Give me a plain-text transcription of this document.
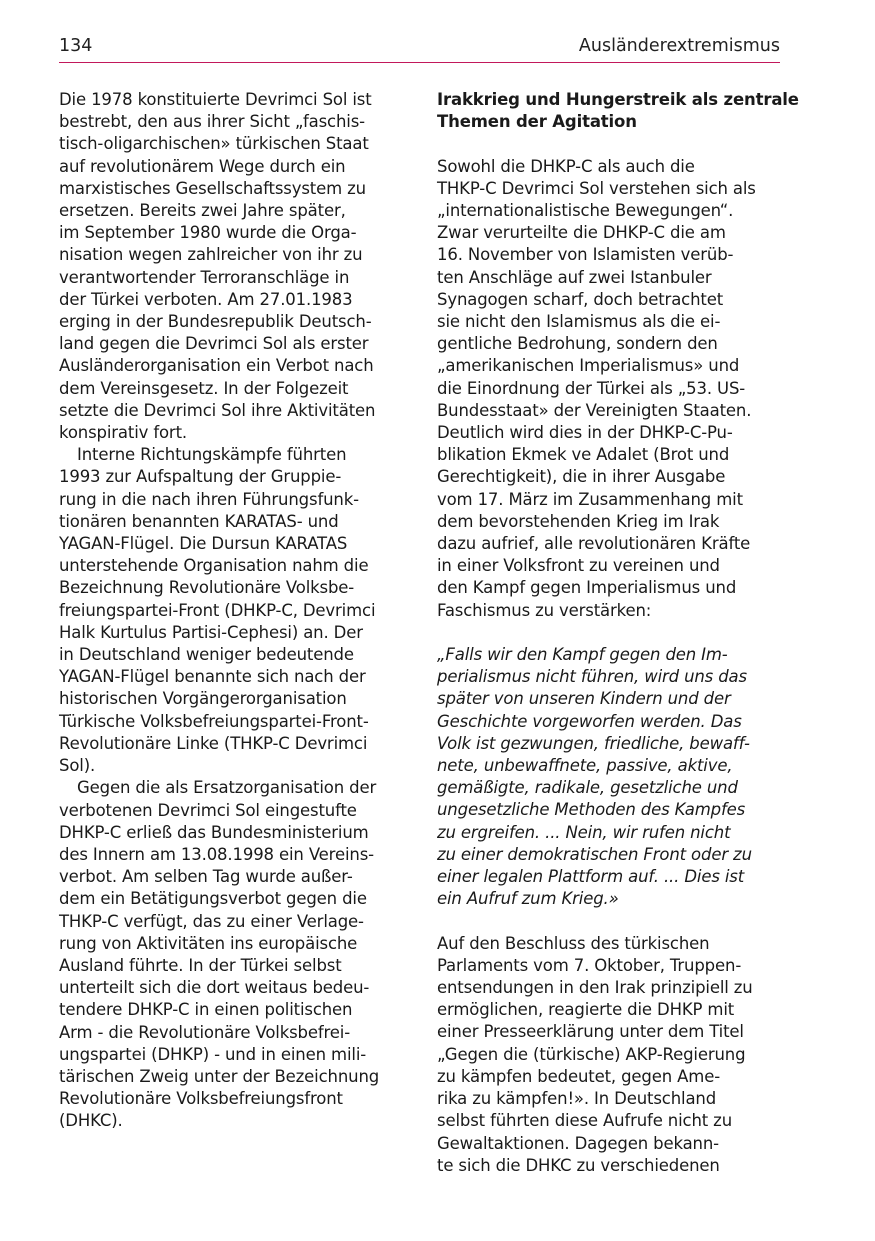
134	Ausländerextremismus
Die 1978 konstituierte Devrimci Sol ist
bestrebt, den aus ihrer Sicht „faschis-
tisch-oligarchischen» türkischen Staat
auf revolutionärem Wege durch ein
marxistisches Gesellschaftssystem zu
ersetzen. Bereits zwei Jahre später,
im September 1980 wurde die Orga-
nisation wegen zahlreicher von ihr zu
verantwortender Terroranschläge in
der Türkei verboten. Am 27.01.1983
erging in der Bundesrepublik Deutsch-
land gegen die Devrimci Sol als erster
Ausländerorganisation ein Verbot nach
dem Vereinsgesetz. In der Folgezeit
setzte die Devrimci Sol ihre Aktivitäten
konspirativ fort.
Interne Richtungskämpfe führten
1993 zur Aufspaltung der Gruppie-
rung in die nach ihren Führungsfunk-
tionären benannten KARATAS- und
YAGAN-Flügel. Die Dursun KARATAS
unterstehende Organisation nahm die
Bezeichnung Revolutionäre Volksbe-
freiungspartei-Front (DHKP-C, Devrimci
Halk Kurtulus Partisi-Cephesi) an. Der
in Deutschland weniger bedeutende
YAGAN-Flügel benannte sich nach der
historischen Vorgängerorganisation
Türkische Volksbefreiungspartei-Front-
Revolutionäre Linke (THKP-C Devrimci
Sol).
Gegen die als Ersatzorganisation der
verbotenen Devrimci Sol eingestufte
DHKP-C erließ das Bundesministerium
des Innern am 13.08.1998 ein Vereins-
verbot. Am selben Tag wurde außer-
dem ein Betätigungsverbot gegen die
THKP-C verfügt, das zu einer Verlage-
rung von Aktivitäten ins europäische
Ausland führte. In der Türkei selbst
unterteilt sich die dort weitaus bedeu-
tendere DHKP-C in einen politischen
Arm - die Revolutionäre Volksbefrei-
ungspartei (DHKP) - und in einen mili-
tärischen Zweig unter der Bezeichnung
Revolutionäre Volksbefreiungsfront
(DHKC).
Irakkrieg und Hungerstreik als zentrale
Themen der Agitation
Sowohl die DHKP-C als auch die
THKP-C Devrimci Sol verstehen sich als
„internationalistische Bewegungen“.
Zwar verurteilte die DHKP-C die am
16. November von Islamisten verüb-
ten Anschläge auf zwei Istanbuler
Synagogen scharf, doch betrachtet
sie nicht den Islamismus als die ei-
gentliche Bedrohung, sondern den
„amerikanischen Imperialismus» und
die Einordnung der Türkei als „53. US-
Bundesstaat» der Vereinigten Staaten.
Deutlich wird dies in der DHKP-C-Pu-
blikation Ekmek ve Adalet (Brot und
Gerechtigkeit), die in ihrer Ausgabe
vom 17. März im Zusammenhang mit
dem bevorstehenden Krieg im Irak
dazu aufrief, alle revolutionären Kräfte
in einer Volksfront zu vereinen und
den Kampf gegen Imperialismus und
Faschismus zu verstärken:
„Falls wir den Kampf gegen den Im-
perialismus nicht führen, wird uns das
später von unseren Kindern und der
Geschichte vorgeworfen werden. Das
Volk ist gezwungen, friedliche, bewaff-
nete, unbewaffnete, passive, aktive,
gemäßigte, radikale, gesetzliche und
ungesetzliche Methoden des Kampfes
zu ergreifen. ... Nein, wir rufen nicht
zu einer demokratischen Front oder zu
einer legalen Plattform auf. ... Dies ist
ein Aufruf zum Krieg.»
Auf den Beschluss des türkischen
Parlaments vom 7. Oktober, Truppen-
entsendungen in den Irak prinzipiell zu
ermöglichen, reagierte die DHKP mit
einer Presseerklärung unter dem Titel
„Gegen die (türkische) AKP-Regierung
zu kämpfen bedeutet, gegen Ame-
rika zu kämpfen!». In Deutschland
selbst führten diese Aufrufe nicht zu
Gewaltaktionen. Dagegen bekann-
te sich die DHKC zu verschiedenen
